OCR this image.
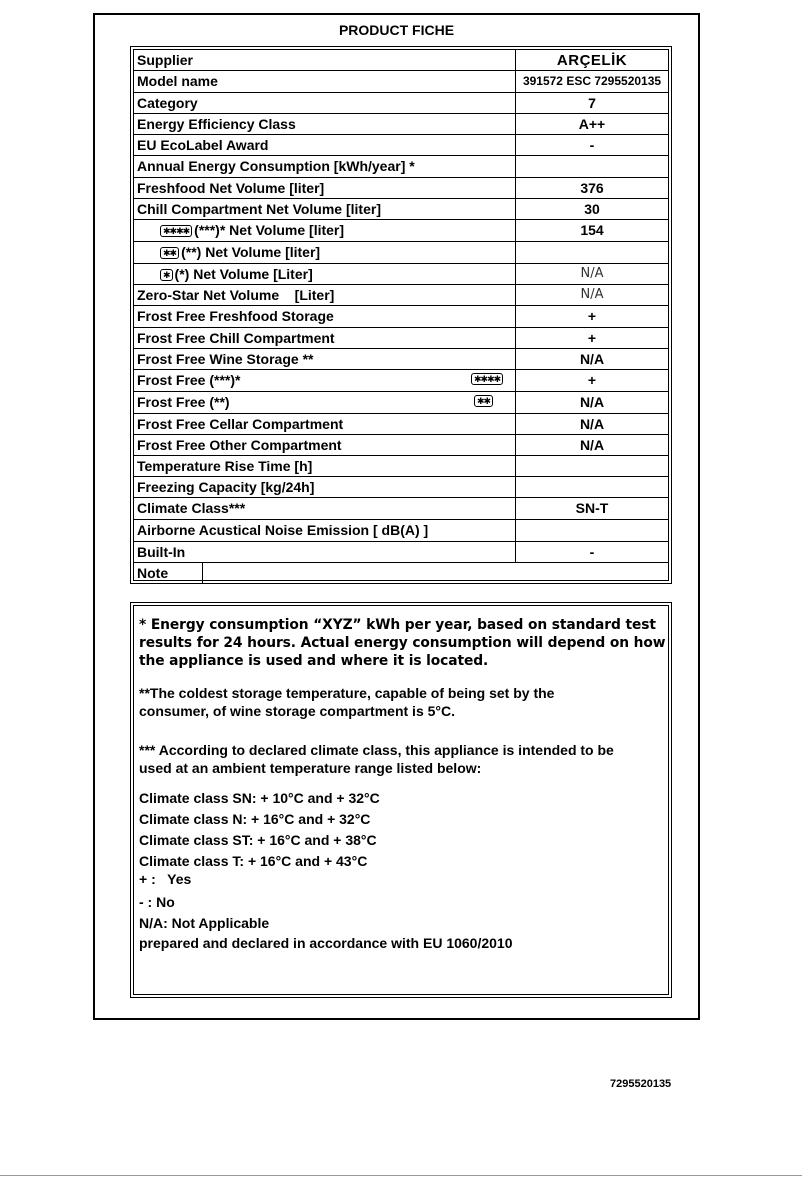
PRODUCT FICHE
Supplier	ARÇELİK
Model name	391572 ESC 7295520135
Category	7
Energy Efficiency Class	A++
EU EcoLabel Award	-
Annual Energy Consumption [kWh/year] *
Freshfood Net Volume [liter]	376
Chill Compartment Net Volume [liter]	30
✱✱✱✱ (***)* Net Volume [liter]	154
✱✱ (**) Net Volume [liter]
✱ (*) Net Volume [Liter]	N/A
Zero-Star Net Volume    [Liter]	N/A
Frost Free Freshfood Storage	+
Frost Free Chill Compartment	+
Frost Free Wine Storage **	N/A
Frost Free (***)*	✱✱✱✱	+
Frost Free (**)	✱✱	N/A
Frost Free Cellar Compartment	N/A
Frost Free Other Compartment	N/A
Temperature Rise Time [h]
Freezing Capacity [kg/24h]
Climate Class***	SN-T
Airborne Acustical Noise Emission [ dB(A) ]
Built-In	-
Note
* Energy consumption “XYZ” kWh per year, based on standard test
results for 24 hours. Actual energy consumption will depend on how
the appliance is used and where it is located.
**The coldest storage temperature, capable of being set by the
consumer, of wine storage compartment is 5°C.
*** According to declared climate class, this appliance is intended to be
used at an ambient temperature range listed below:
Climate class SN: + 10°C and + 32°C
Climate class N: + 16°C and + 32°C
Climate class ST: + 16°C and + 38°C
Climate class T: + 16°C and + 43°C
+ :   Yes
- : No
N/A: Not Applicable
prepared and declared in accordance with EU 1060/2010
7295520135
